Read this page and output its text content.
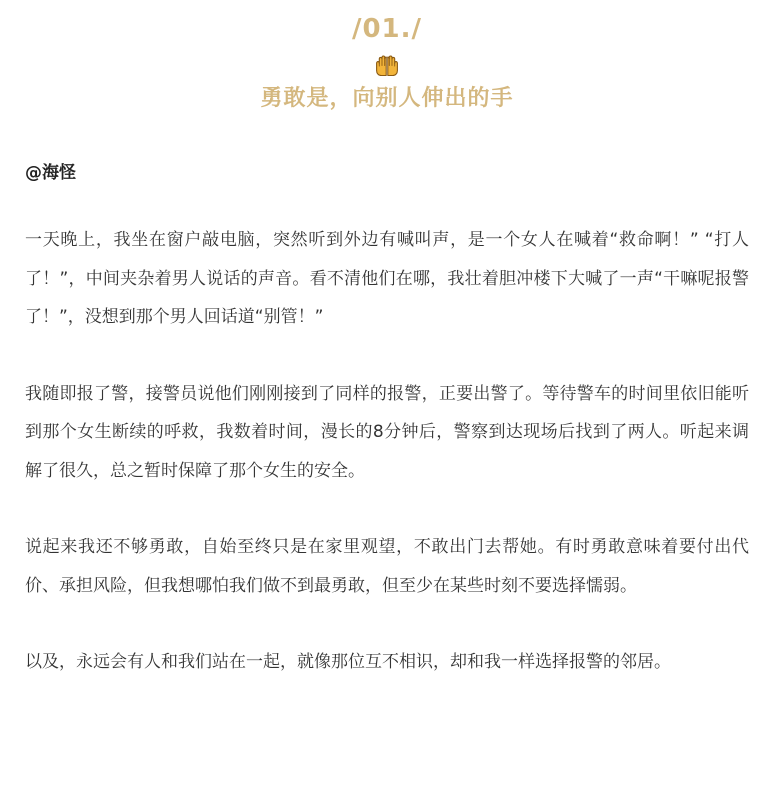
/01./
勇敢是，向别人伸出的手
@海怪

一天晚上，我坐在窗户敲电脑，突然听到外边有喊叫声，是一个女人在喊着“救命啊！” “打人了！”，中间夹杂着男人说话的声音。看不清他们在哪，我壮着胆冲楼下大喊了一声“干嘛呢报警了！”，没想到那个男人回话道“别管！”

我随即报了警，接警员说他们刚刚接到了同样的报警，正要出警了。等待警车的时间里依旧能听到那个女生断续的呼救，我数着时间，漫长的8分钟后，警察到达现场后找到了两人。听起来调解了很久，总之暂时保障了那个女生的安全。

说起来我还不够勇敢，自始至终只是在家里观望，不敢出门去帮她。有时勇敢意味着要付出代价、承担风险，但我想哪怕我们做不到最勇敢，但至少在某些时刻不要选择懦弱。

以及，永远会有人和我们站在一起，就像那位互不相识，却和我一样选择报警的邻居。
